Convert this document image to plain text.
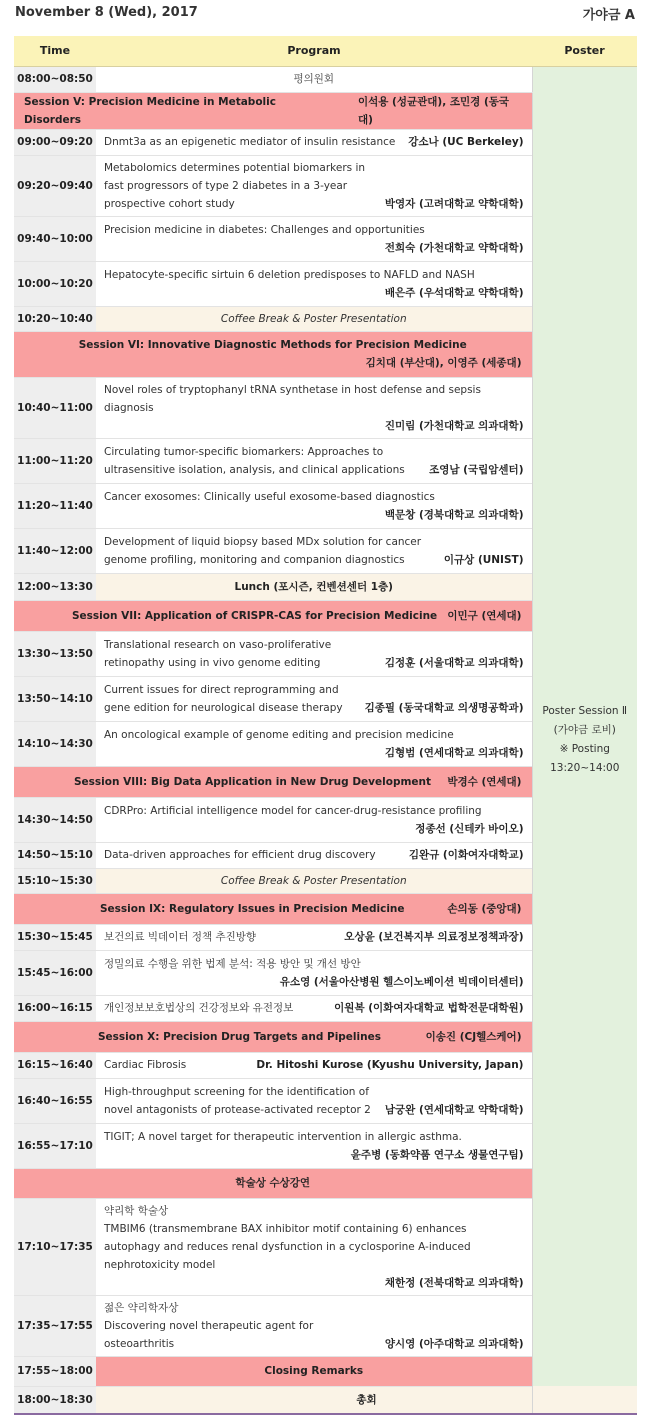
November 8 (Wed), 2017	가야금 A
Time	Program	Poster
08:00~08:50	평의원회	Poster Session Ⅱ
(가야금 로비)
※ Posting
13:20~14:00

Session V: Precision Medicine in Metabolic Disorders
이석용 (성균관대), 조민경 (동국대)		

09:00~09:20	Dnmt3a as an epigenetic mediator of insulin resistance 강소나 (UC Berkeley)	

09:20~09:40	Metabolomics determines potential biomarkers in fast progressors of type 2 diabetes in a 3-year prospective cohort study 박영자 (고려대학교 약학대학)	

09:40~10:00	Precision medicine in diabetes: Challenges and opportunities
전희숙 (가천대학교 약학대학)	

10:00~10:20	Hepatocyte-specific sirtuin 6 deletion predisposes to NAFLD and NASH
배은주 (우석대학교 약학대학)	

10:20~10:40	Coffee Break & Poster Presentation	

Session VI: Innovative Diagnostic Methods for Precision Medicine
김치대 (부산대), 이영주 (세종대)		

10:40~11:00	Novel roles of tryptophanyl tRNA synthetase in host defense and sepsis diagnosis
진미림 (가천대학교 의과대학)	

11:00~11:20	Circulating tumor-specific biomarkers: Approaches to ultrasensitive isolation, analysis, and clinical applications 조영남 (국립암센터)	

11:20~11:40	Cancer exosomes: Clinically useful exosome-based diagnostics
백문창 (경북대학교 의과대학)	

11:40~12:00	Development of liquid biopsy based MDx solution for cancer genome profiling, monitoring and companion diagnostics 이규상 (UNIST)	

12:00~13:30	Lunch (포시즌, 컨벤션센터 1층)	

Session VII: Application of CRISPR-CAS for Precision Medicine 이민구 (연세대)		

13:30~13:50	Translational research on vaso-proliferative retinopathy using in vivo genome editing 김정훈 (서울대학교 의과대학)	

13:50~14:10	Current issues for direct reprogramming and gene edition for neurological disease therapy 김종필 (동국대학교 의생명공학과)	

14:10~14:30	An oncological example of genome editing and precision medicine
김형범 (연세대학교 의과대학)	

Session VIII: Big Data Application in New Drug Development 박경수 (연세대)		

14:30~14:50	CDRPro: Artificial intelligence model for cancer-drug-resistance profiling
정종선 (신테카 바이오)	

14:50~15:10	Data-driven approaches for efficient drug discovery 김완규 (이화여자대학교)	

15:10~15:30	Coffee Break & Poster Presentation	

Session IX: Regulatory Issues in Precision Medicine 손의동 (중앙대)		

15:30~15:45	보건의료 빅데이터 정책 추진방향 오상윤 (보건복지부 의료정보정책과장)	

15:45~16:00	정밀의료 수행을 위한 법제 분석: 적용 방안 및 개선 방안
유소영 (서울아산병원 헬스이노베이션 빅데이터센터)	

16:00~16:15	개인정보보호법상의 건강정보와 유전정보 이원복 (이화여자대학교 법학전문대학원)	

Session X: Precision Drug Targets and Pipelines 이송진 (CJ헬스케어)		

16:15~16:40	Cardiac Fibrosis Dr. Hitoshi Kurose (Kyushu University, Japan)	

16:40~16:55	High-throughput screening for the identification of novel antagonists of protease-activated receptor 2 남궁완 (연세대학교 약학대학)	

16:55~17:10	TIGIT; A novel target for therapeutic intervention in allergic asthma.
윤주병 (동화약품 연구소 생물연구팀)	

학술상 수상강연		
17:10~17:35	약리학 학술상
TMBIM6 (transmembrane BAX inhibitor motif containing 6) enhances autophagy and reduces renal dysfunction in a cyclosporine A-induced nephrotoxicity model
채한정 (전북대학교 의과대학)	

17:35~17:55	젊은 약리학자상
Discovering novel therapeutic agent for osteoarthritis 양시영 (아주대학교 의과대학)	

17:55~18:00	Closing Remarks	
18:00~18:30	총회	
